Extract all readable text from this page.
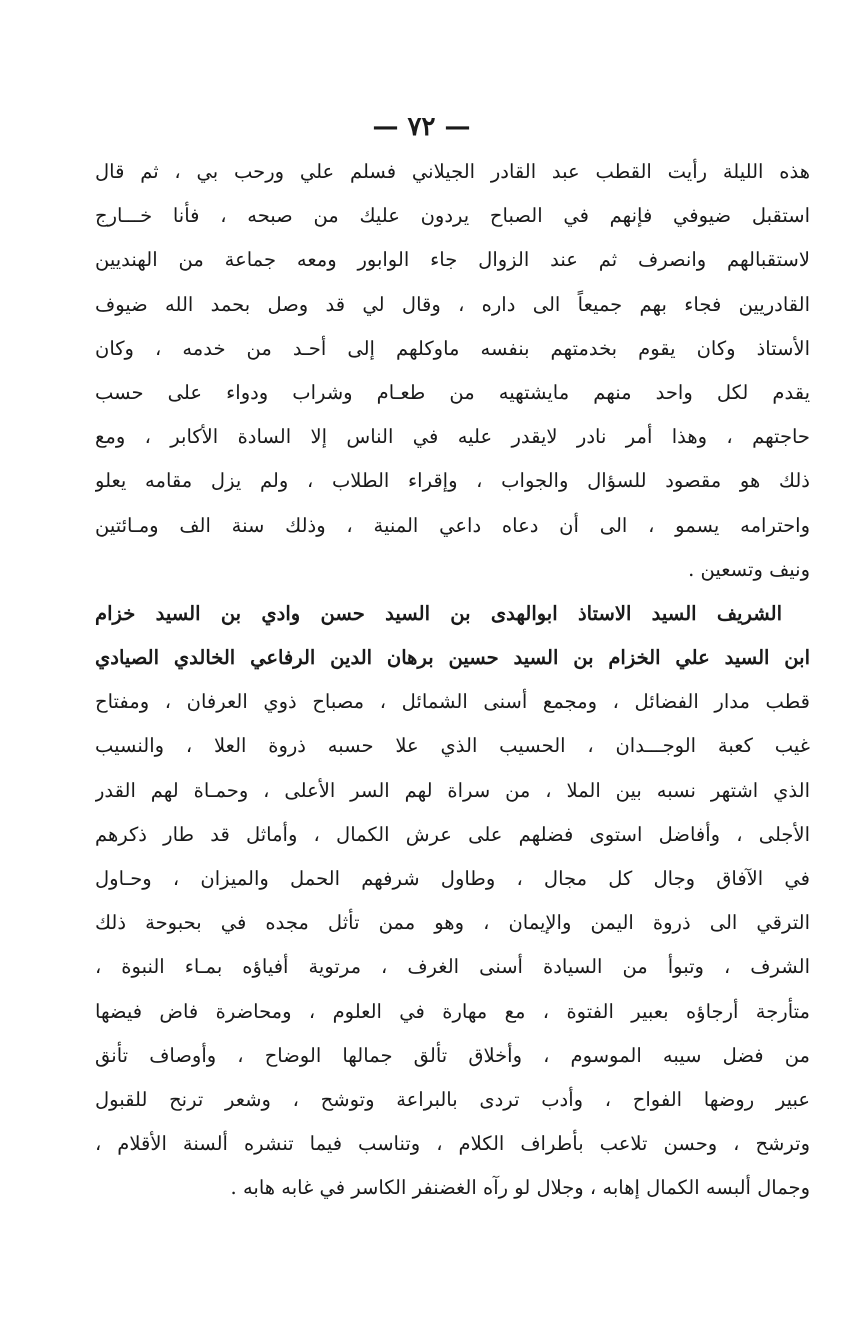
— ٧٢ —
هذه الليلة رأيت القطب عبد القادر الجيلاني فسلم علي ورحب بي ، ثم قال
استقبل ضيوفي فإنهم في الصباح يردون عليك من صبحه ، فأنا خـــارج
لاستقبالهم وانصرف ثم عند الزوال جاء الوابور ومعه جماعة من الهنديين
القادريين فجاء بهم جميعاً الى داره ، وقال لي قد وصل بحمد الله ضيوف
الأستاذ وكان يقوم بخدمتهم بنفسه ماوكلهم إلى أحـد من خدمه ، وكان
يقدم لكل واحد منهم مايشتهيه من طعـام وشراب ودواء على حسب
حاجتهم ، وهذا أمر نادر لايقدر عليه في الناس إلا السادة الأكابر ، ومع
ذلك هو مقصود للسؤال والجواب ، وإقراء الطلاب ، ولم يزل مقامه يعلو
واحترامه يسمو ، الى أن دعاه داعي المنية ، وذلك سنة الف ومـائتين
ونيف وتسعين .
الشريف السيد الاستاذ ابوالهدى بن السيد حسن وادي بن السيد خزام
ابن السيد علي الخزام بن السيد حسين برهان الدين الرفاعي الخالدي الصيادي
قطب مدار الفضائل ، ومجمع أسنى الشمائل ، مصباح ذوي العرفان ، ومفتاح
غيب كعبة الوجـــدان ، الحسيب الذي علا حسبه ذروة العلا ، والنسيب
الذي اشتهر نسبه بين الملا ، من سراة لهم السر الأعلى ، وحمـاة لهم القدر
الأجلى ، وأفاضل استوى فضلهم على عرش الكمال ، وأماثل قد طار ذكرهم
في الآفاق وجال كل مجال ، وطاول شرفهم الحمل والميزان ، وحـاول
الترقي الى ذروة اليمن والإيمان ، وهو ممن تأثل مجده في بحبوحة ذلك
الشرف ، وتبوأ من السيادة أسنى الغرف ، مرتوية أفياؤه بمـاء النبوة ،
متأرجة أرجاؤه بعبير الفتوة ، مع مهارة في العلوم ، ومحاضرة فاض فيضها
من فضل سيبه الموسوم ، وأخلاق تألق جمالها الوضاح ، وأوصاف تأنق
عبير روضها الفواح ، وأدب تردى بالبراعة وتوشح ، وشعر ترنح للقبول
وترشح ، وحسن تلاعب بأطراف الكلام ، وتناسب فيما تنشره ألسنة الأقلام ،
وجمال ألبسه الكمال إهابه ، وجلال لو رآه الغضنفر الكاسر في غابه هابه .
